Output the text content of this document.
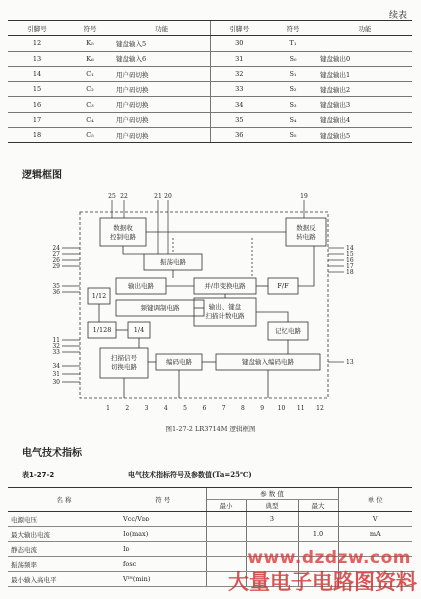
续表
引脚号	符号	功能	引脚号	符号	功能
12	K₅	键盘输入5	30	T₁	
13	K₆	键盘输入6	31	S₀	键盘输出0
14	C₁	用户码切换	32	S₁	键盘输出1
15	C₂	用户码切换	33	S₂	键盘输出2
16	C₃	用户码切换	34	S₃	键盘输出3
17	C₄	用户码切换	35	S₄	键盘输出4
18	C₅	用户码切换	36	S₅	键盘输出5
逻辑框图
数据收
控制电路
数据反
转电路
振荡电路
输出电路
频键调制电路
并/串变换电路
输出、键盘
扫描计数电路
F/F
1/12
1/128	1/4
扫描信号
切换电路
编码电路
记忆电路
键盘输入编码电路
25 22	21 20	19
24
27
26
29
35
36
11
32
33
34
31
30
14
15
16
17
18
13
1	2	3	4	5	6	7	8	9 10 11 12
图1-27-2 LR3714M 逻辑框图
电气技术指标
表1-27-2	电气技术指标符号及参数值(Ta=25℃)
名 称	符 号	参 数 值			单 位
		最小	典型	最大	
电源电压	Vcc/Vᴅᴅ		3		V
最大输出电流	Iᴏ(max)			1.0	mA
静态电流	Iᴅ				
振荡频率	fosc				
最小输入高电平	Vᴵᴴ(min)				
www.dzdzw.com
大量电子电路图资料
